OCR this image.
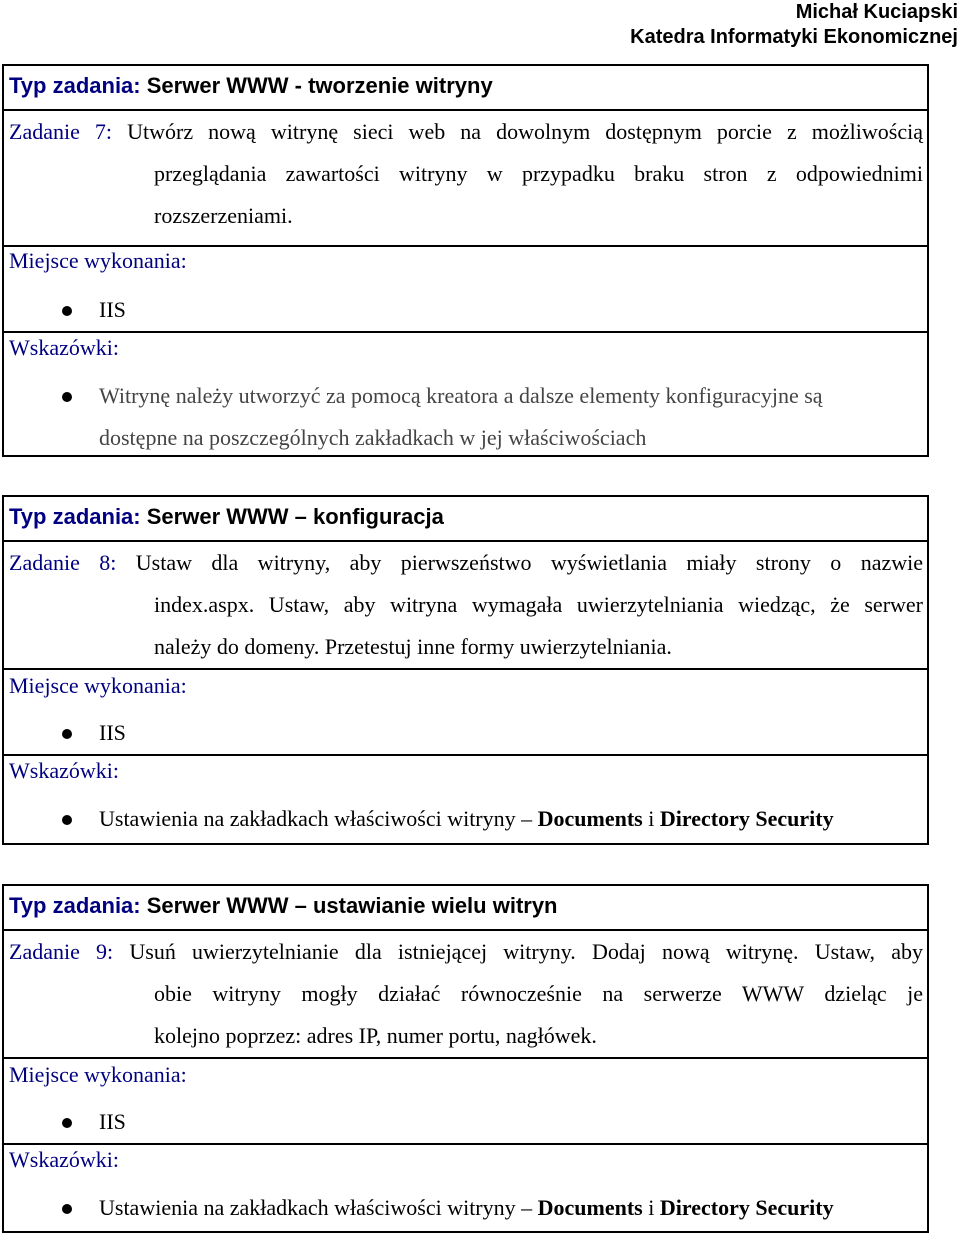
Michał Kuciapski
Katedra Informatyki Ekonomicznej
Typ zadania: Serwer WWW - tworzenie witryny

Zadanie 7: Utwórz nową witrynę sieci web na dowolnym dostępnym porcie z możliwością

przeglądania zawartości witryny w przypadku braku stron z odpowiednimi

rozszerzeniami.

Miejsce wykonania:
IIS
Wskazówki:
Witrynę należy utworzyć za pomocą kreatora a dalsze elementy konfiguracyjne są
dostępne na poszczególnych zakładkach w jej właściwościach
Typ zadania: Serwer WWW – konfiguracja

Zadanie 8: Ustaw dla witryny, aby pierwszeństwo wyświetlania miały strony o nazwie

index.aspx. Ustaw, aby witryna wymagała uwierzytelniania wiedząc, że serwer

należy do domeny. Przetestuj inne formy uwierzytelniania.

Miejsce wykonania:
IIS
Wskazówki:
Ustawienia na zakładkach właściwości witryny – Documents i Directory Security
Typ zadania: Serwer WWW – ustawianie wielu witryn

Zadanie 9: Usuń uwierzytelnianie dla istniejącej witryny. Dodaj nową witrynę. Ustaw, aby

obie witryny mogły działać równocześnie na serwerze WWW dzieląc je

kolejno poprzez: adres IP, numer portu, nagłówek.

Miejsce wykonania:
IIS
Wskazówki:
Ustawienia na zakładkach właściwości witryny – Documents i Directory Security
